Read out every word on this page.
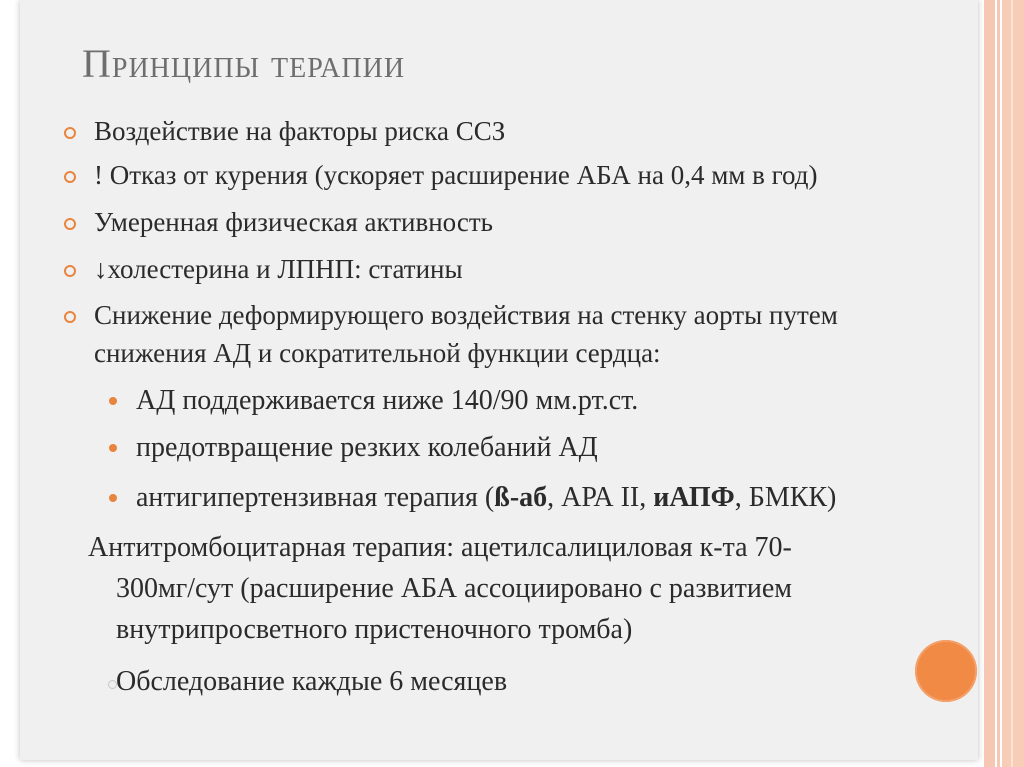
Принципы терапии
Воздействие на факторы риска ССЗ
! Отказ от курения (ускоряет расширение АБА на 0,4 мм в год)
Умеренная физическая активность
↓холестерина и ЛПНП: статины
Снижение деформирующего воздействия на стенку аорты путем
снижения АД и сократительной функции сердца:
АД поддерживается ниже 140/90 мм.рт.ст.
предотвращение резких колебаний АД
антигипертензивная терапия (ß-аб, АРА II, иАПФ, БМКК)
Антитромбоцитарная терапия: ацетилсалициловая к-та 70-
300мг/сут (расширение АБА ассоциировано с развитием
внутрипросветного пристеночного тромба)
Обследование каждые 6 месяцев
